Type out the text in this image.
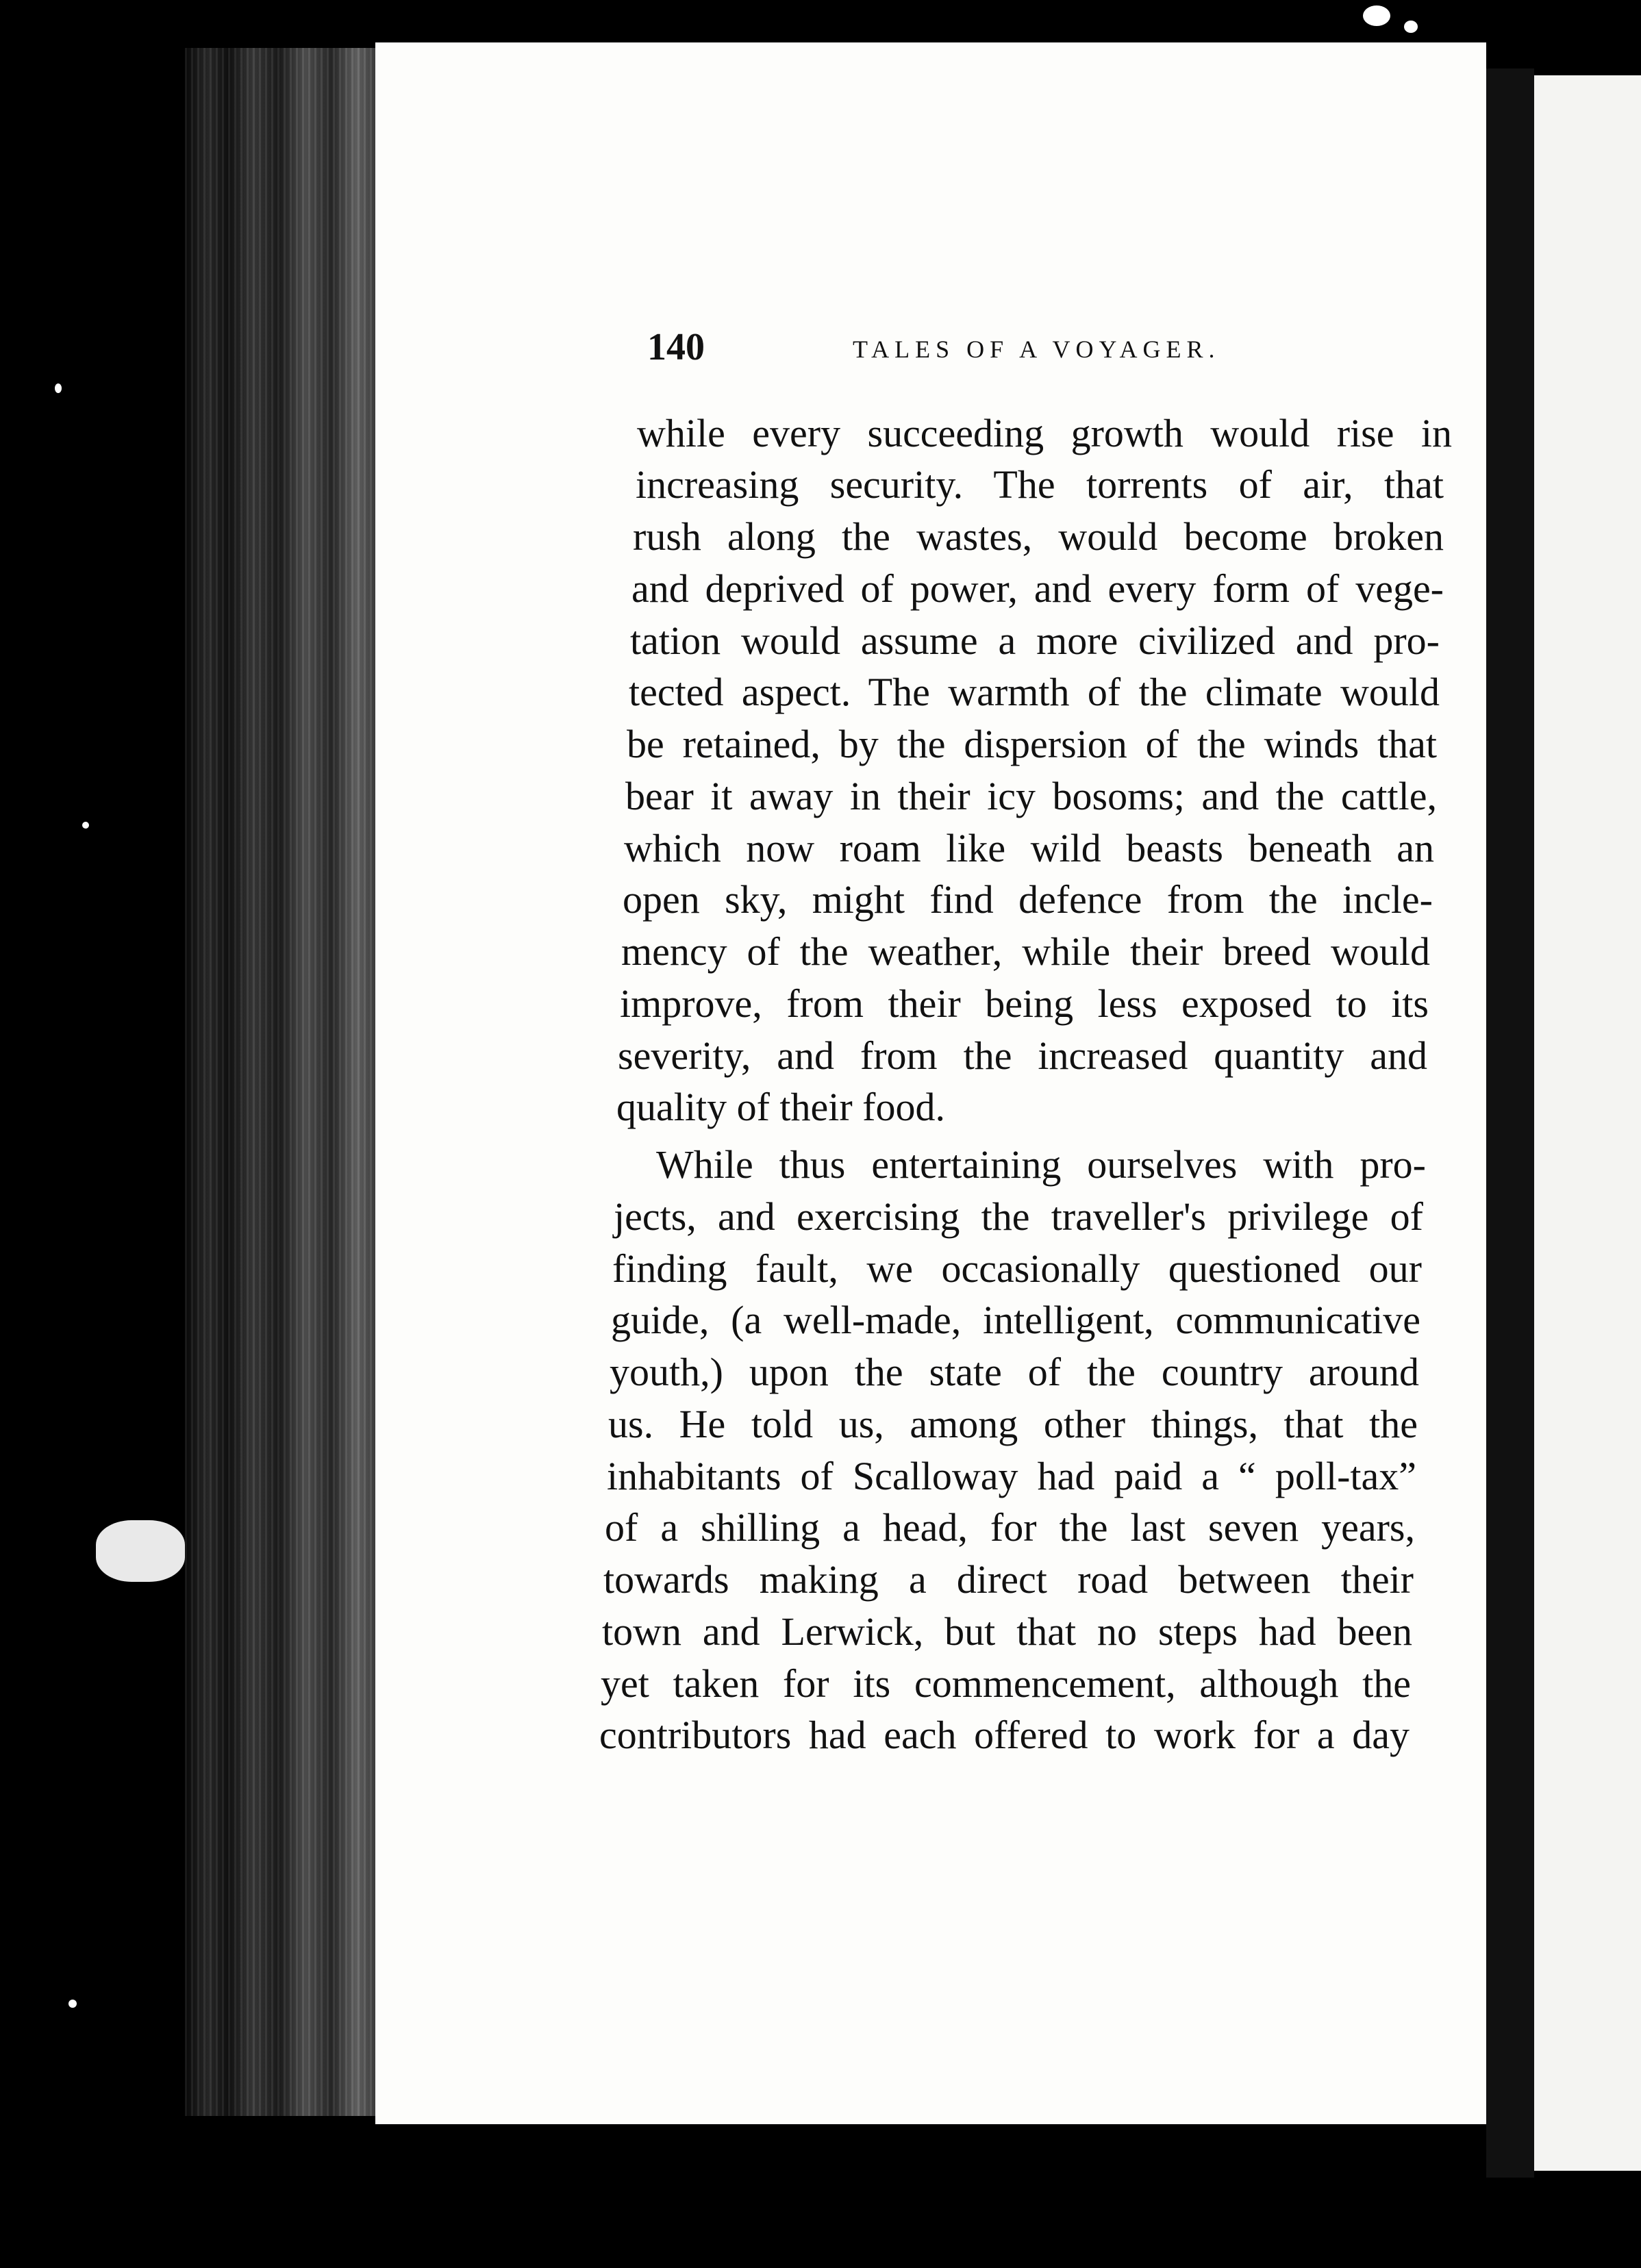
140	TALES OF A VOYAGER.
while every succeeding growth would rise in
increasing security. The torrents of air, that
rush along the wastes, would become broken
and deprived of power, and every form of vege-
tation would assume a more civilized and pro-
tected aspect. The warmth of the climate would
be retained, by the dispersion of the winds that
bear it away in their icy bosoms; and the cattle,
which now roam like wild beasts beneath an
open sky, might find defence from the incle-
mency of the weather, while their breed would
improve, from their being less exposed to its
severity, and from the increased quantity and
quality of their food.
While thus entertaining ourselves with pro-
jects, and exercising the traveller's privilege of
finding fault, we occasionally questioned our
guide, (a well-made, intelligent, communicative
youth,) upon the state of the country around
us. He told us, among other things, that the
inhabitants of Scalloway had paid a “ poll-tax”
of a shilling a head, for the last seven years,
towards making a direct road between their
town and Lerwick, but that no steps had been
yet taken for its commencement, although the
contributors had each offered to work for a day
